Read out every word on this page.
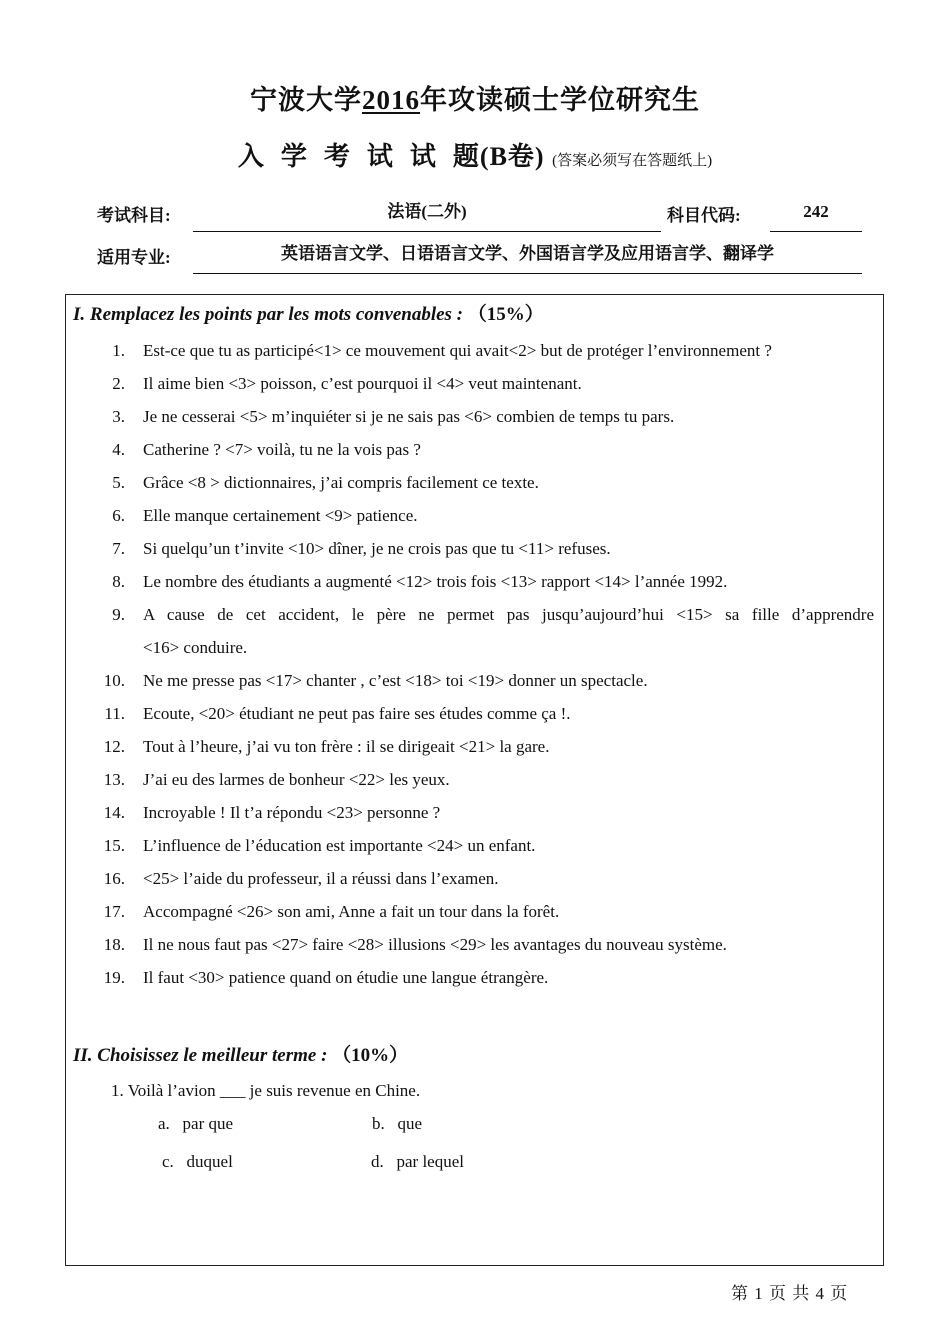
宁波大学2016年攻读硕士学位研究生
入学考试试题(B卷) (答案必须写在答题纸上)
考试科目:	法语(二外)	科目代码:	242
适用专业:	英语语言文学、日语语言文学、外国语言学及应用语言学、翻译学
I. Remplacez les points par les mots convenables : （15%）
1. Est-ce que tu as participé<1> ce mouvement qui avait<2> but de protéger l’environnement ?
2. Il aime bien <3> poisson, c’est pourquoi il <4> veut maintenant.
3. Je ne cesserai <5> m’inquiéter si je ne sais pas <6> combien de temps tu pars.
4. Catherine ? <7> voilà, tu ne la vois pas ?
5. Grâce <8 > dictionnaires, j’ai compris facilement ce texte.
6. Elle manque certainement <9> patience.
7. Si quelqu’un t’invite <10> dîner, je ne crois pas que tu <11> refuses.
8. Le nombre des étudiants a augmenté <12> trois fois <13> rapport <14> l’année 1992.
9. A cause de cet accident, le père ne permet pas jusqu’aujourd’hui <15> sa fille d’apprendre
<16> conduire.
10. Ne me presse pas <17> chanter , c’est <18> toi <19> donner un spectacle.
11. Ecoute, <20> étudiant ne peut pas faire ses études comme ça !.
12. Tout à l’heure, j’ai vu ton frère : il se dirigeait <21> la gare.
13. J’ai eu des larmes de bonheur <22> les yeux.
14. Incroyable ! Il t’a répondu <23> personne ?
15. L’influence de l’éducation est importante <24> un enfant.
16. <25> l’aide du professeur, il a réussi dans l’examen.
17. Accompagné <26> son ami, Anne a fait un tour dans la forêt.
18. Il ne nous faut pas <27> faire <28> illusions <29> les avantages du nouveau système.
19. Il faut <30> patience quand on étudie une langue étrangère.
II. Choisissez le meilleur terme : （10%）
1. Voilà l’avion ___ je suis revenue en Chine.
a. par que	b. que
c. duquel	d. par lequel
第 1 页 共 4 页
